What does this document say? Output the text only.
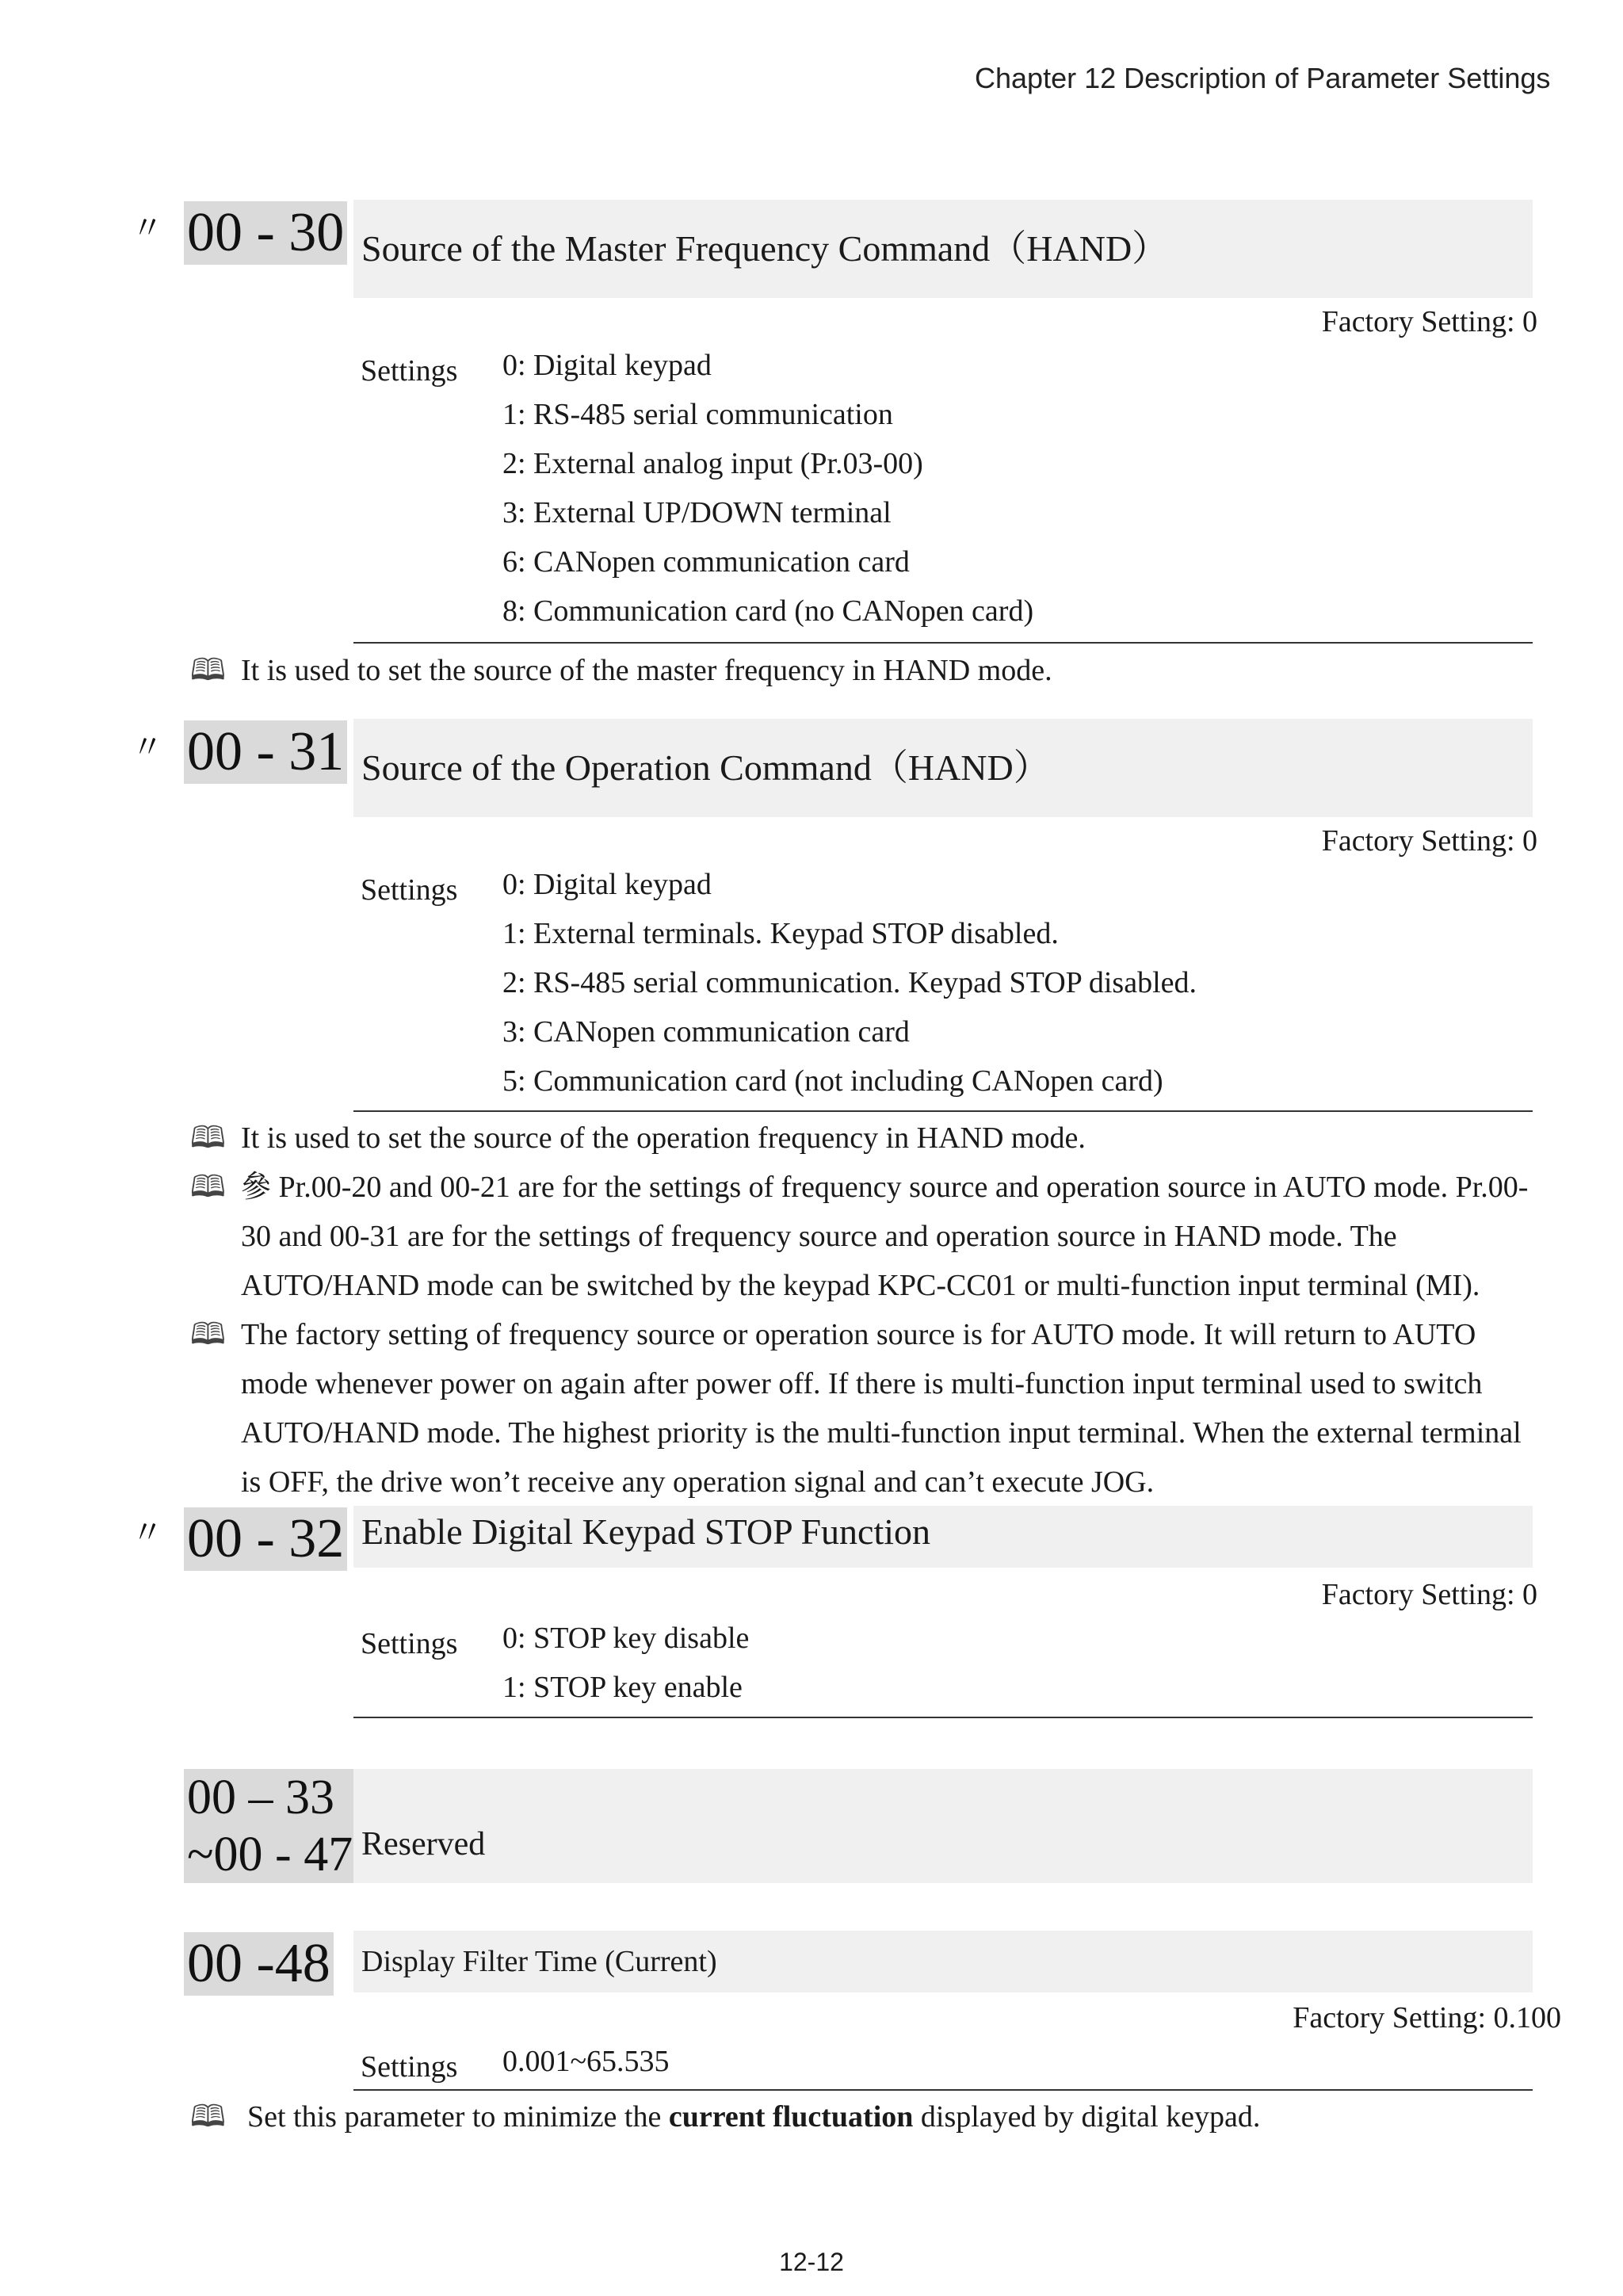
Chapter 12 Description of Parameter Settings
〃 00 - 30 Source of the Master Frequency Command（HAND）
Factory Setting: 0
Settings 0: Digital keypad
1: RS-485 serial communication
2: External analog input (Pr.03-00)
3: External UP/DOWN terminal
6: CANopen communication card
8: Communication card (no CANopen card)
🕮 It is used to set the source of the master frequency in HAND mode.
〃 00 - 31 Source of the Operation Command（HAND）
Factory Setting: 0
Settings 0: Digital keypad
1: External terminals. Keypad STOP disabled.
2: RS-485 serial communication. Keypad STOP disabled.
3: CANopen communication card
5: Communication card (not including CANopen card)
🕮 It is used to set the source of the operation frequency in HAND mode.
🕮 參 Pr.00-20 and 00-21 are for the settings of frequency source and operation source in AUTO mode. Pr.00-30 and 00-31 are for the settings of frequency source and operation source in HAND mode. The AUTO/HAND mode can be switched by the keypad KPC-CC01 or multi-function input terminal (MI).
🕮 The factory setting of frequency source or operation source is for AUTO mode. It will return to AUTO mode whenever power on again after power off. If there is multi-function input terminal used to switch AUTO/HAND mode. The highest priority is the multi-function input terminal. When the external terminal is OFF, the drive won’t receive any operation signal and can’t execute JOG.
〃 00 - 32 Enable Digital Keypad STOP Function
Factory Setting: 0
Settings 0: STOP key disable
1: STOP key enable
00 – 33
~00 - 47 Reserved
00 -48 Display Filter Time (Current)
Factory Setting: 0.100
Settings 0.001~65.535
🕮 Set this parameter to minimize the current fluctuation displayed by digital keypad.
12-12
